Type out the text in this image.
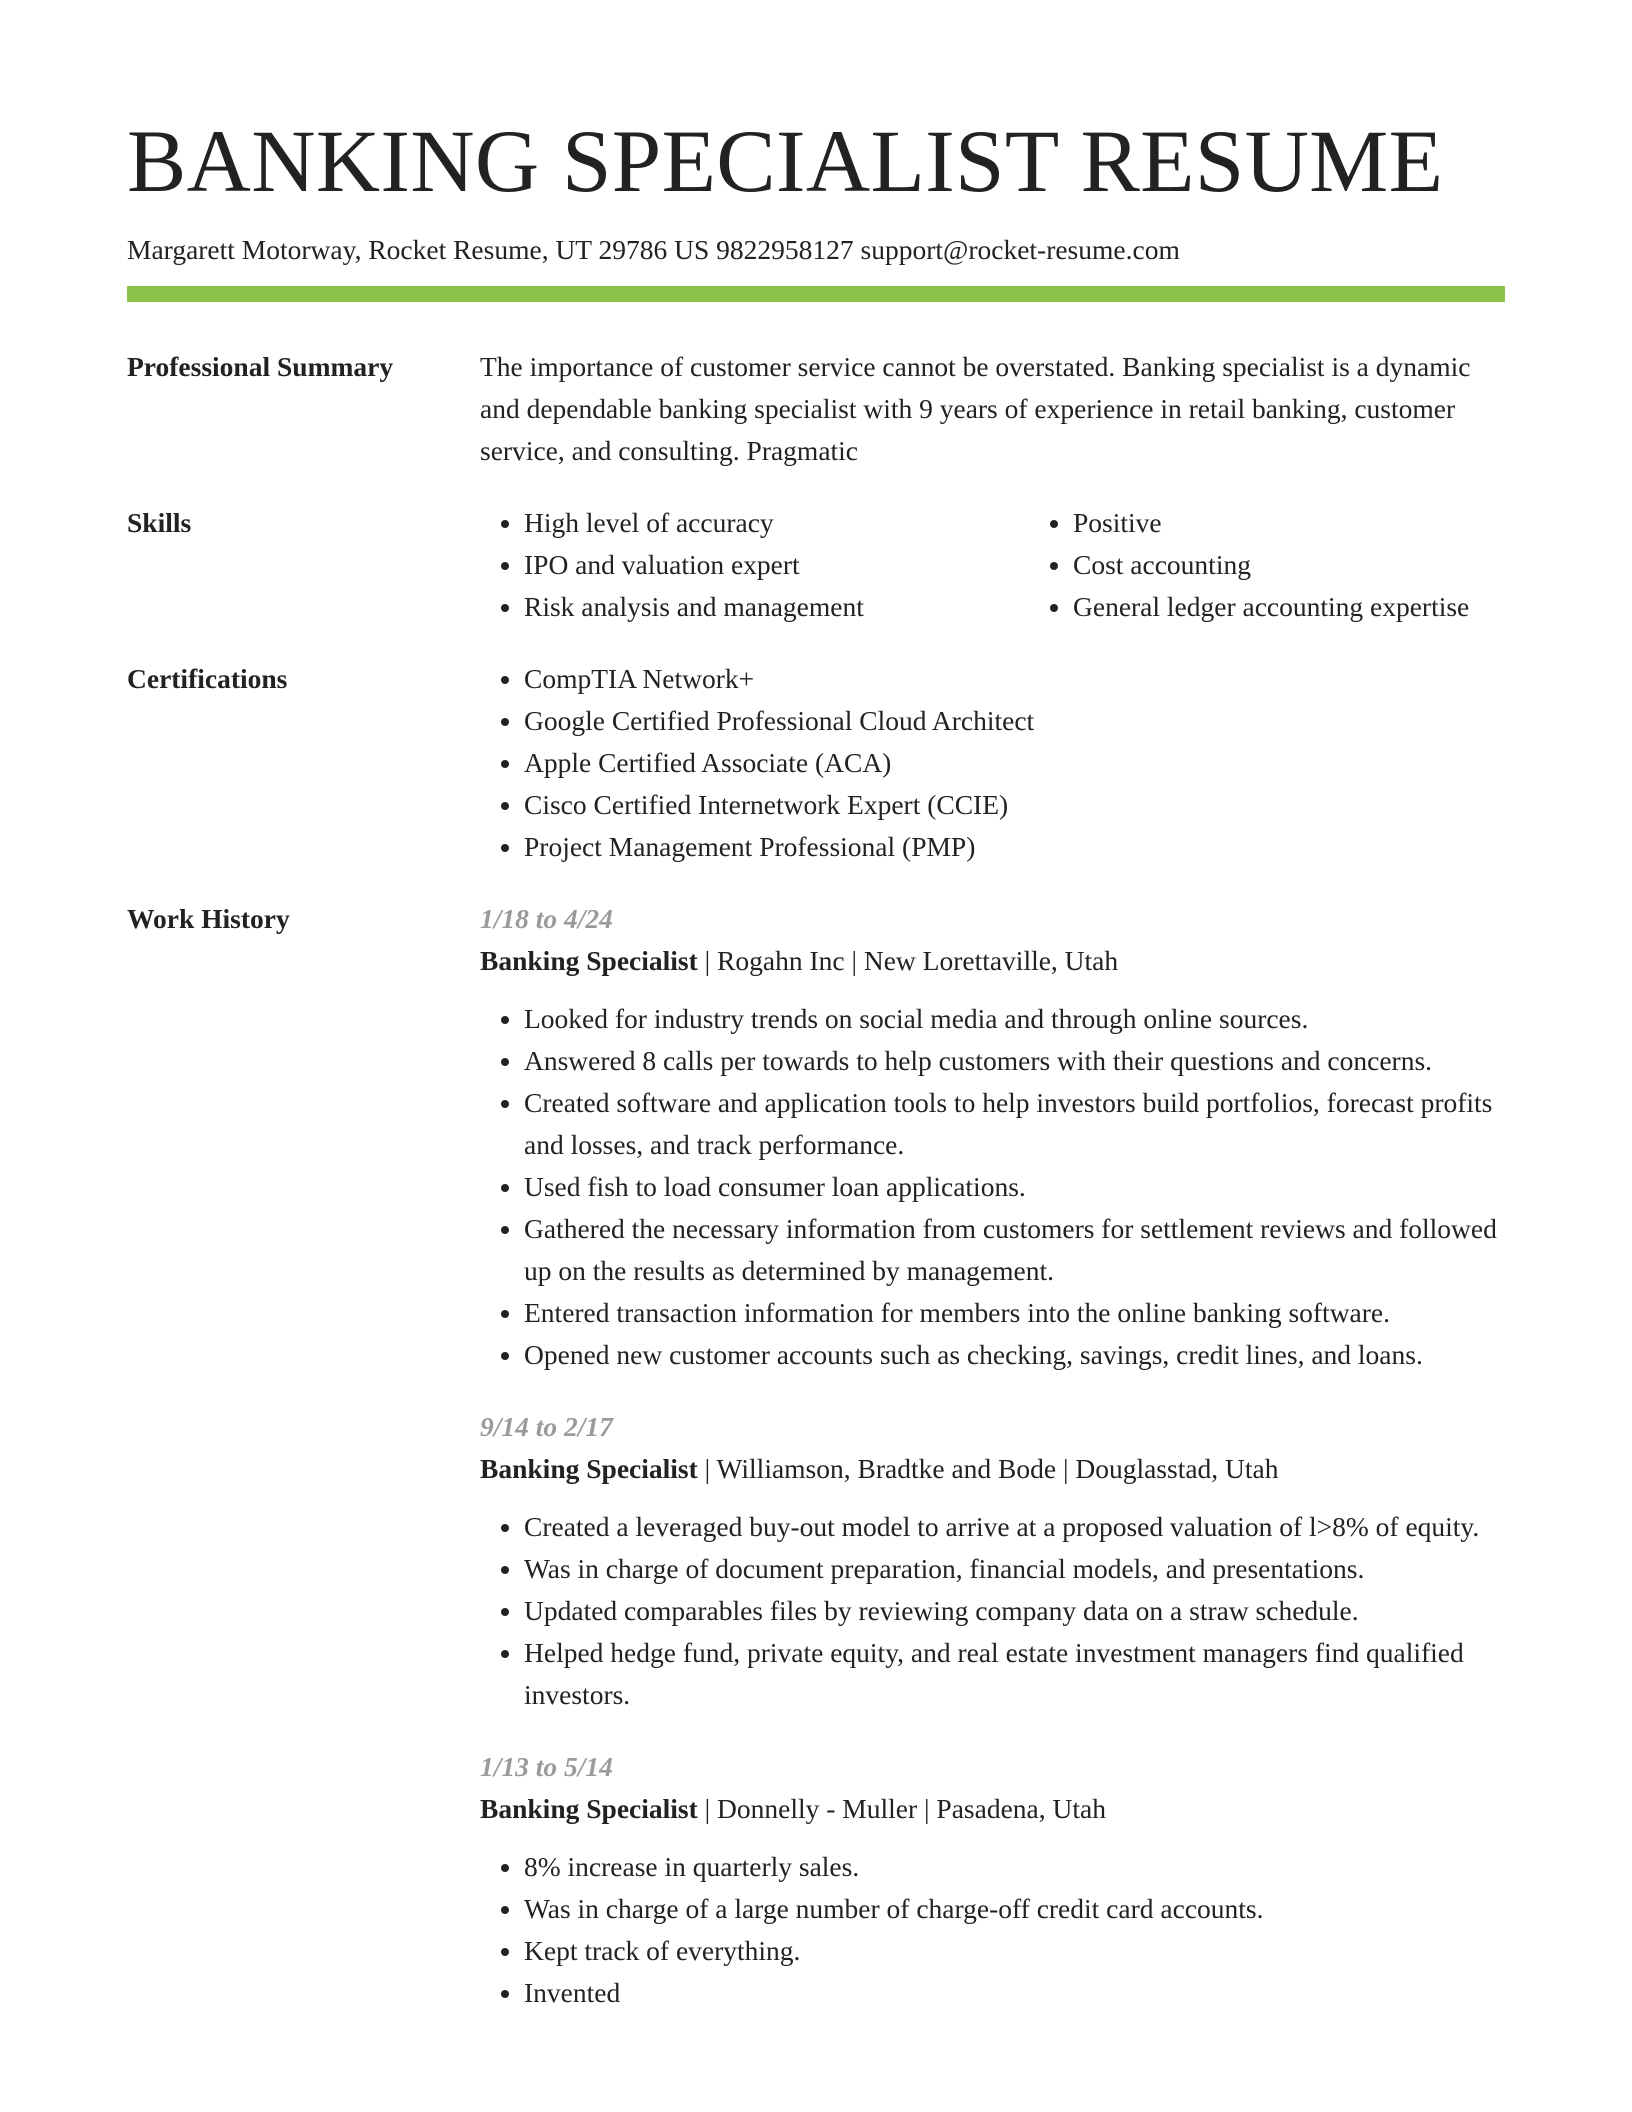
BANKING SPECIALIST RESUME
Margarett Motorway, Rocket Resume, UT 29786 US 9822958127 support@rocket-resume.com
Professional Summary	The importance of customer service cannot be overstated. Banking specialist is a dynamic and dependable banking specialist with 9 years of experience in retail banking, customer service, and consulting. Pragmatic

Skills	• High level of accuracy
• IPO and valuation expert
• Risk analysis and management
• Positive
• Cost accounting
• General ledger accounting expertise
Certifications	• CompTIA Network+
• Google Certified Professional Cloud Architect
• Apple Certified Associate (ACA)
• Cisco Certified Internetwork Expert (CCIE)
• Project Management Professional (PMP)
Work History	1/18 to 4/24
Banking Specialist | Rogahn Inc | New Lorettaville, Utah
• Looked for industry trends on social media and through online sources.
• Answered 8 calls per towards to help customers with their questions and concerns.
• Created software and application tools to help investors build portfolios, forecast profits and losses, and track performance.
• Used fish to load consumer loan applications.
• Gathered the necessary information from customers for settlement reviews and followed up on the results as determined by management.
• Entered transaction information for members into the online banking software.
• Opened new customer accounts such as checking, savings, credit lines, and loans.
9/14 to 2/17
Banking Specialist | Williamson, Bradtke and Bode | Douglasstad, Utah
• Created a leveraged buy-out model to arrive at a proposed valuation of l>8% of equity.
• Was in charge of document preparation, financial models, and presentations.
• Updated comparables files by reviewing company data on a straw schedule.
• Helped hedge fund, private equity, and real estate investment managers find qualified investors.
1/13 to 5/14
Banking Specialist | Donnelly - Muller | Pasadena, Utah
• 8% increase in quarterly sales.
• Was in charge of a large number of charge-off credit card accounts.
• Kept track of everything.
• Invented
